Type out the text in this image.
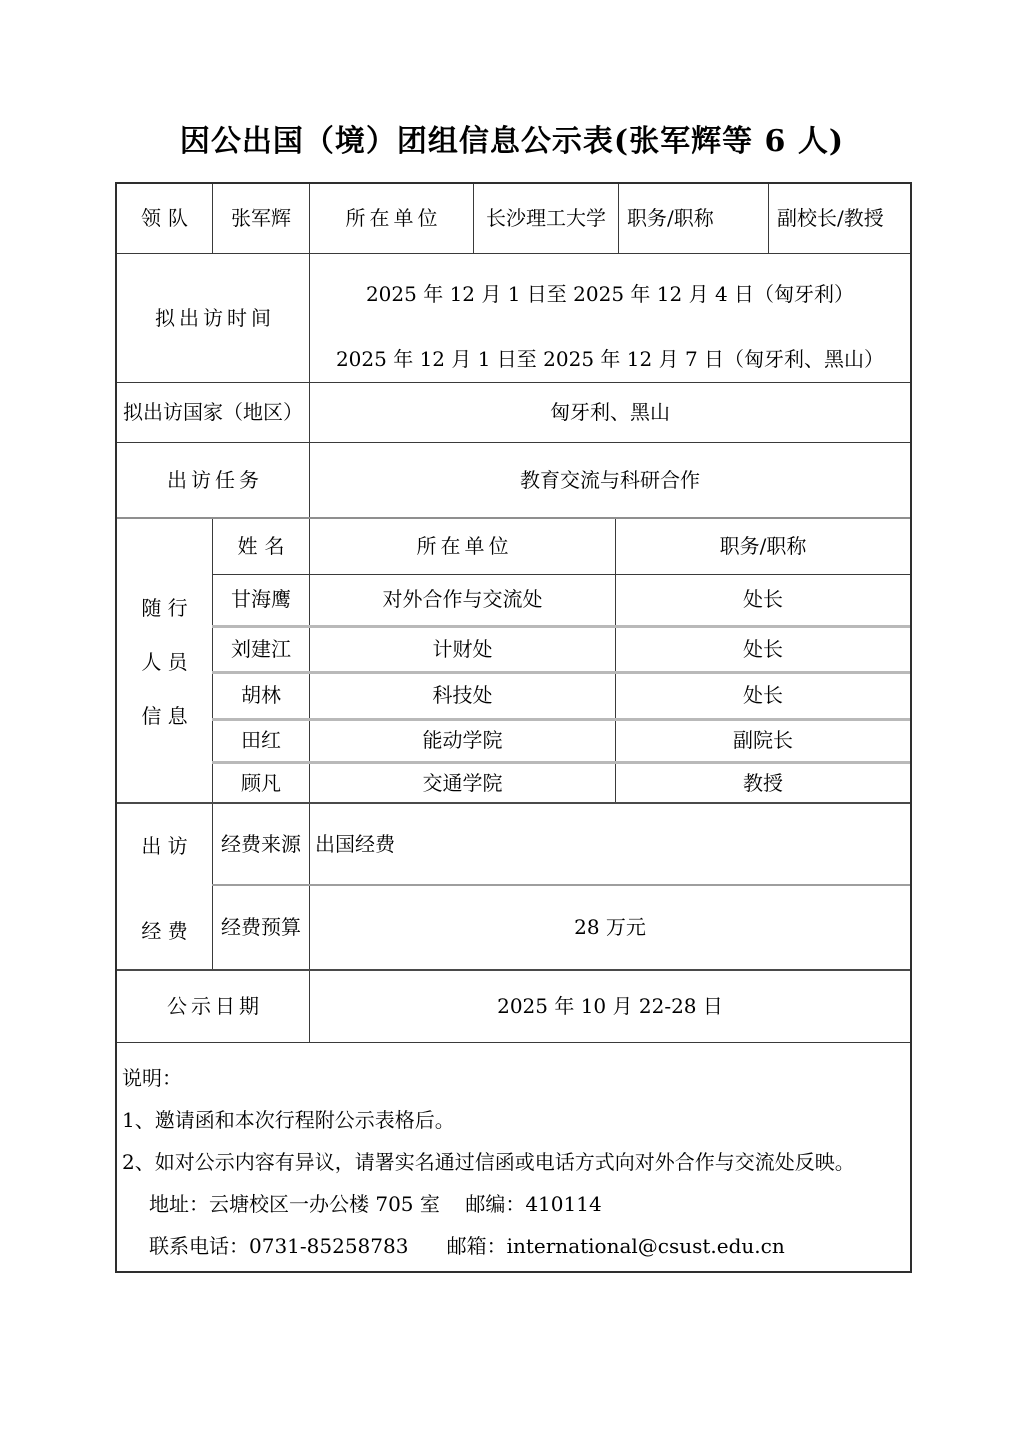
因公出国（境）团组信息公示表(张军辉等 6 人)
领队	张军辉	所在单位	长沙理工大学	职务/职称	副校长/教授
拟出访时间
2025 年 12 月 1 日至 2025 年 12 月 4 日（匈牙利）
2025 年 12 月 1 日至 2025 年 12 月 7 日（匈牙利、黑山）
拟出访国家（地区）	匈牙利、黑山
出访任务	教育交流与科研合作
随 行
人 员
信 息
姓名	所在单位	职务/职称
甘海鹰	对外合作与交流处	处长
刘建江	计财处	处长
胡林	科技处	处长
田红	能动学院	副院长
顾凡	交通学院	教授
出 访
经 费
经费来源 出国经费
经费预算	28 万元
公示日期	2025 年 10 月 22-28 日
说明：
1、邀请函和本次行程附公示表格后。
2、如对公示内容有异议，请署实名通过信函或电话方式向对外合作与交流处反映。
地址：云塘校区一办公楼 705 室    邮编：410114
联系电话：0731-85258783      邮箱：international@csust.edu.cn
